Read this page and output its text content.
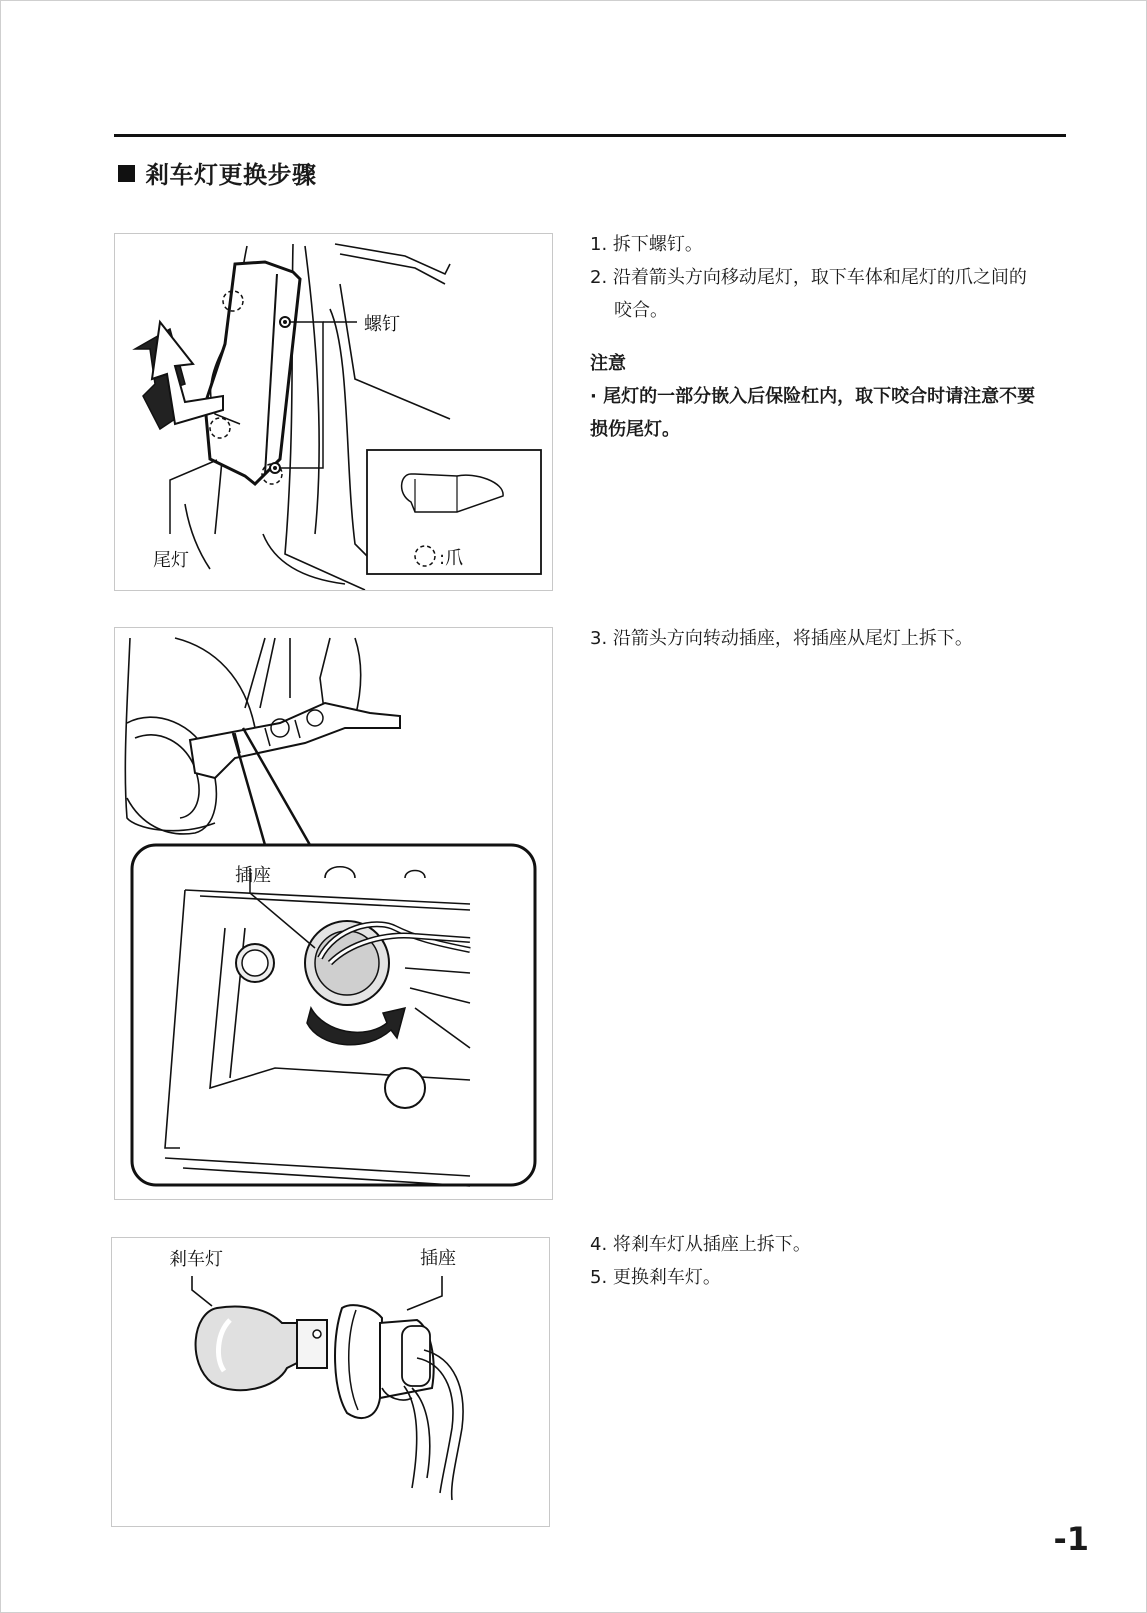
剎车灯更换步骤
螺钉
尾灯	:爪
插座
剎车灯	插座
1. 拆下螺钉。
2. 沿着箭头方向移动尾灯，取下车体和尾灯的爪之间的
咬合。
注意
· 尾灯的一部分嵌入后保险杠内，取下咬合时请注意不要
损伤尾灯。
3. 沿箭头方向转动插座，将插座从尾灯上拆下。
4. 将剎车灯从插座上拆下。
5. 更换剎车灯。
-1
